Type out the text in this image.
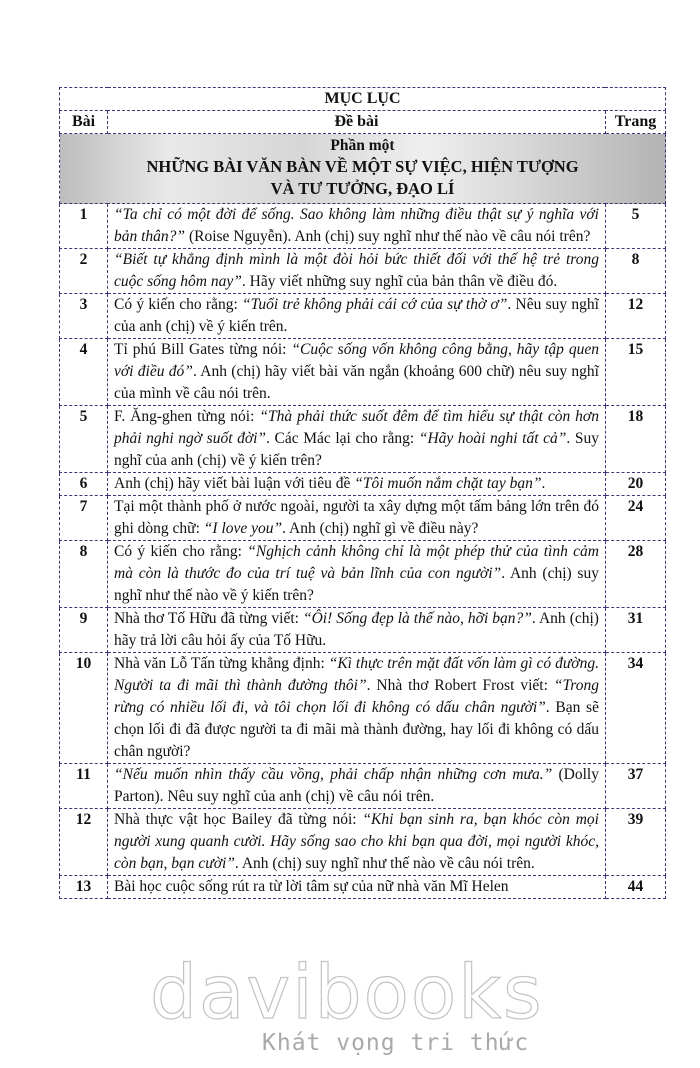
MỤC LỤC		
Bài	Đề bài	Trang

Phần một
NHỮNG BÀI VĂN BÀN VỀ MỘT SỰ VIỆC, HIỆN TƯỢNG
VÀ TƯ TƯỞNG, ĐẠO LÍ		

1	“Ta chỉ có một đời để sống. Sao không làm những điều thật sự ý nghĩa với bản thân?” (Roise Nguyễn). Anh (chị) suy nghĩ như thế nào về câu nói trên?	5
2	“Biết tự khẳng định mình là một đòi hỏi bức thiết đối với thế hệ trẻ trong cuộc sống hôm nay”. Hãy viết những suy nghĩ của bản thân về điều đó.	8
3	Có ý kiến cho rằng: “Tuổi trẻ không phải cái cớ của sự thờ ơ”. Nêu suy nghĩ của anh (chị) về ý kiến trên.	12
4	Tỉ phú Bill Gates từng nói: “Cuộc sống vốn không công bằng, hãy tập quen với điều đó”. Anh (chị) hãy viết bài văn ngắn (khoảng 600 chữ) nêu suy nghĩ của mình về câu nói trên.	15
5	F. Ăng-ghen từng nói: “Thà phải thức suốt đêm để tìm hiểu sự thật còn hơn phải nghi ngờ suốt đời”. Các Mác lại cho rằng: “Hãy hoài nghi tất cả”. Suy nghĩ của anh (chị) về ý kiến trên?	18
6	Anh (chị) hãy viết bài luận với tiêu đề “Tôi muốn nắm chặt tay bạn”.	20
7	Tại một thành phố ở nước ngoài, người ta xây dựng một tấm bảng lớn trên đó ghi dòng chữ: “I love you”. Anh (chị) nghĩ gì về điều này?	24
8	Có ý kiến cho rằng: “Nghịch cảnh không chỉ là một phép thử của tình cảm mà còn là thước đo của trí tuệ và bản lĩnh của con người”. Anh (chị) suy nghĩ như thế nào về ý kiến trên?	28
9	Nhà thơ Tố Hữu đã từng viết: “Ôi! Sống đẹp là thế nào, hỡi bạn?”. Anh (chị) hãy trả lời câu hỏi ấy của Tố Hữu.	31
10	Nhà văn Lỗ Tấn từng khẳng định: “Kì thực trên mặt đất vốn làm gì có đường. Người ta đi mãi thì thành đường thôi”. Nhà thơ Robert Frost viết: “Trong rừng có nhiều lối đi, và tôi chọn lối đi không có dấu chân người”. Bạn sẽ chọn lối đi đã được người ta đi mãi mà thành đường, hay lối đi không có dấu chân người?	34
11	“Nếu muốn nhìn thấy cầu vồng, phải chấp nhận những cơn mưa.” (Dolly Parton). Nêu suy nghĩ của anh (chị) về câu nói trên.	37
12	Nhà thực vật học Bailey đã từng nói: “Khi bạn sinh ra, bạn khóc còn mọi người xung quanh cười. Hãy sống sao cho khi bạn qua đời, mọi người khóc, còn bạn, bạn cười”. Anh (chị) suy nghĩ như thế nào về câu nói trên.	39
13	Bài học cuộc sống rút ra từ lời tâm sự của nữ nhà văn Mĩ Helen	44
davibooks
Khát vọng tri thức
